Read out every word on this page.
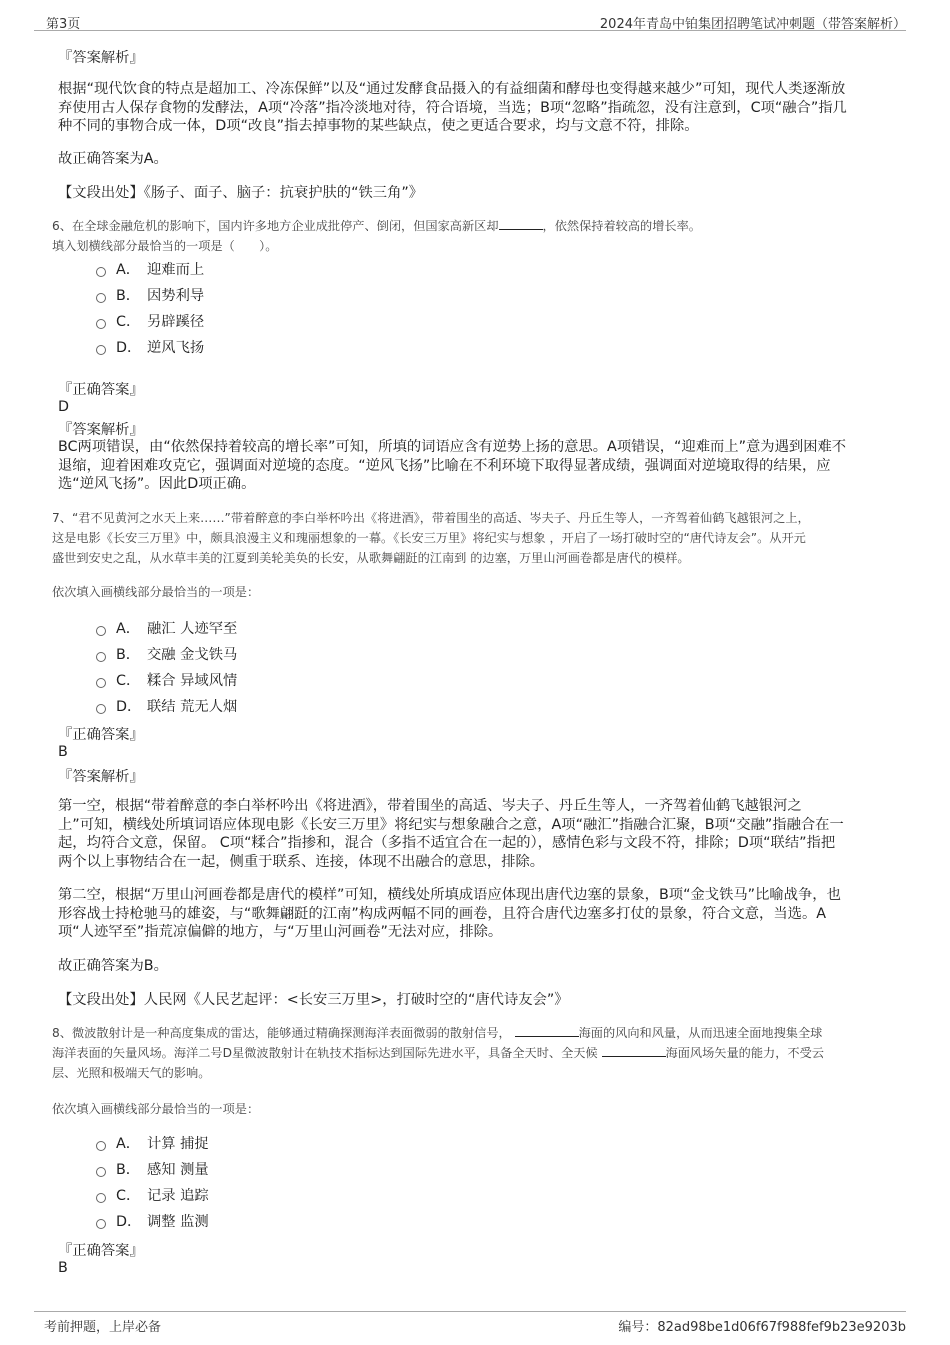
第3页	2024年青岛中铂集团招聘笔试冲刺题（带答案解析）
『答案解析』
根据“现代饮食的特点是超加工、冷冻保鲜”以及“通过发酵食品摄入的有益细菌和酵母也变得越来越少”可知，现代人类逐渐放
弃使用古人保存食物的发酵法，A项“冷落”指冷淡地对待，符合语境，当选；B项“忽略”指疏忽，没有注意到，C项“融合”指几
种不同的事物合成一体，D项“改良”指去掉事物的某些缺点，使之更适合要求，均与文意不符，排除。
故正确答案为A。
【文段出处】《肠子、面子、脑子：抗衰护肤的“铁三角”》
6、在全球金融危机的影响下，国内许多地方企业成批停产、倒闭，但国家高新区却	，依然保持着较高的增长率。
填入划横线部分最恰当的一项是（　　）。
A． 迎难而上
B． 因势利导
C． 另辟蹊径
D． 逆风飞扬
『正确答案』
D
『答案解析』
BC两项错误，由“依然保持着较高的增长率”可知，所填的词语应含有逆势上扬的意思。A项错误，“迎难而上”意为遇到困难不
退缩，迎着困难攻克它，强调面对逆境的态度。“逆风飞扬”比喻在不利环境下取得显著成绩，强调面对逆境取得的结果，应
选“逆风飞扬”。因此D项正确。
7、“君不见黄河之水天上来……”带着醉意的李白举杯吟出《将进酒》，带着围坐的高适、岑夫子、丹丘生等人，一齐驾着仙鹤飞越银河之上，
这是电影《长安三万里》中，颇具浪漫主义和瑰丽想象的一幕。《长安三万里》将纪实与想象 ，开启了一场打破时空的“唐代诗友会”。从开元
盛世到安史之乱，从水草丰美的江夏到美轮美奂的长安，从歌舞翩跹的江南到 的边塞，万里山河画卷都是唐代的模样。
依次填入画横线部分最恰当的一项是：
A． 融汇 人迹罕至
B． 交融 金戈铁马
C． 糅合 异域风情
D． 联结 荒无人烟
『正确答案』
B
『答案解析』
第一空，根据“带着醉意的李白举杯吟出《将进酒》，带着围坐的高适、岑夫子、丹丘生等人，一齐驾着仙鹤飞越银河之
上”可知，横线处所填词语应体现电影《长安三万里》将纪实与想象融合之意，A项“融汇”指融合汇聚，B项“交融”指融合在一
起，均符合文意，保留。 C项“糅合”指掺和，混合（多指不适宜合在一起的），感情色彩与文段不符，排除；D项“联结”指把
两个以上事物结合在一起，侧重于联系、连接，体现不出融合的意思，排除。
第二空，根据“万里山河画卷都是唐代的模样”可知，横线处所填成语应体现出唐代边塞的景象，B项“金戈铁马”比喻战争，也
形容战士持枪驰马的雄姿，与“歌舞翩跹的江南”构成两幅不同的画卷，且符合唐代边塞多打仗的景象，符合文意，当选。A
项“人迹罕至”指荒凉偏僻的地方，与“万里山河画卷”无法对应，排除。
故正确答案为B。
【文段出处】人民网《人民艺起评：<长安三万里>，打破时空的“唐代诗友会”》
8、微波散射计是一种高度集成的雷达，能够通过精确探测海洋表面微弱的散射信号，	海面的风向和风量，从而迅速全面地搜集全球
海洋表面的矢量风场。海洋二号D星微波散射计在轨技术指标达到国际先进水平，具备全天时、全天候	海面风场矢量的能力，不受云
层、光照和极端天气的影响。
依次填入画横线部分最恰当的一项是：
A． 计算 捕捉
B． 感知 测量
C． 记录 追踪
D． 调整 监测
『正确答案』
B
考前押题，上岸必备	编号：82ad98be1d06f67f988fef9b23e9203b
